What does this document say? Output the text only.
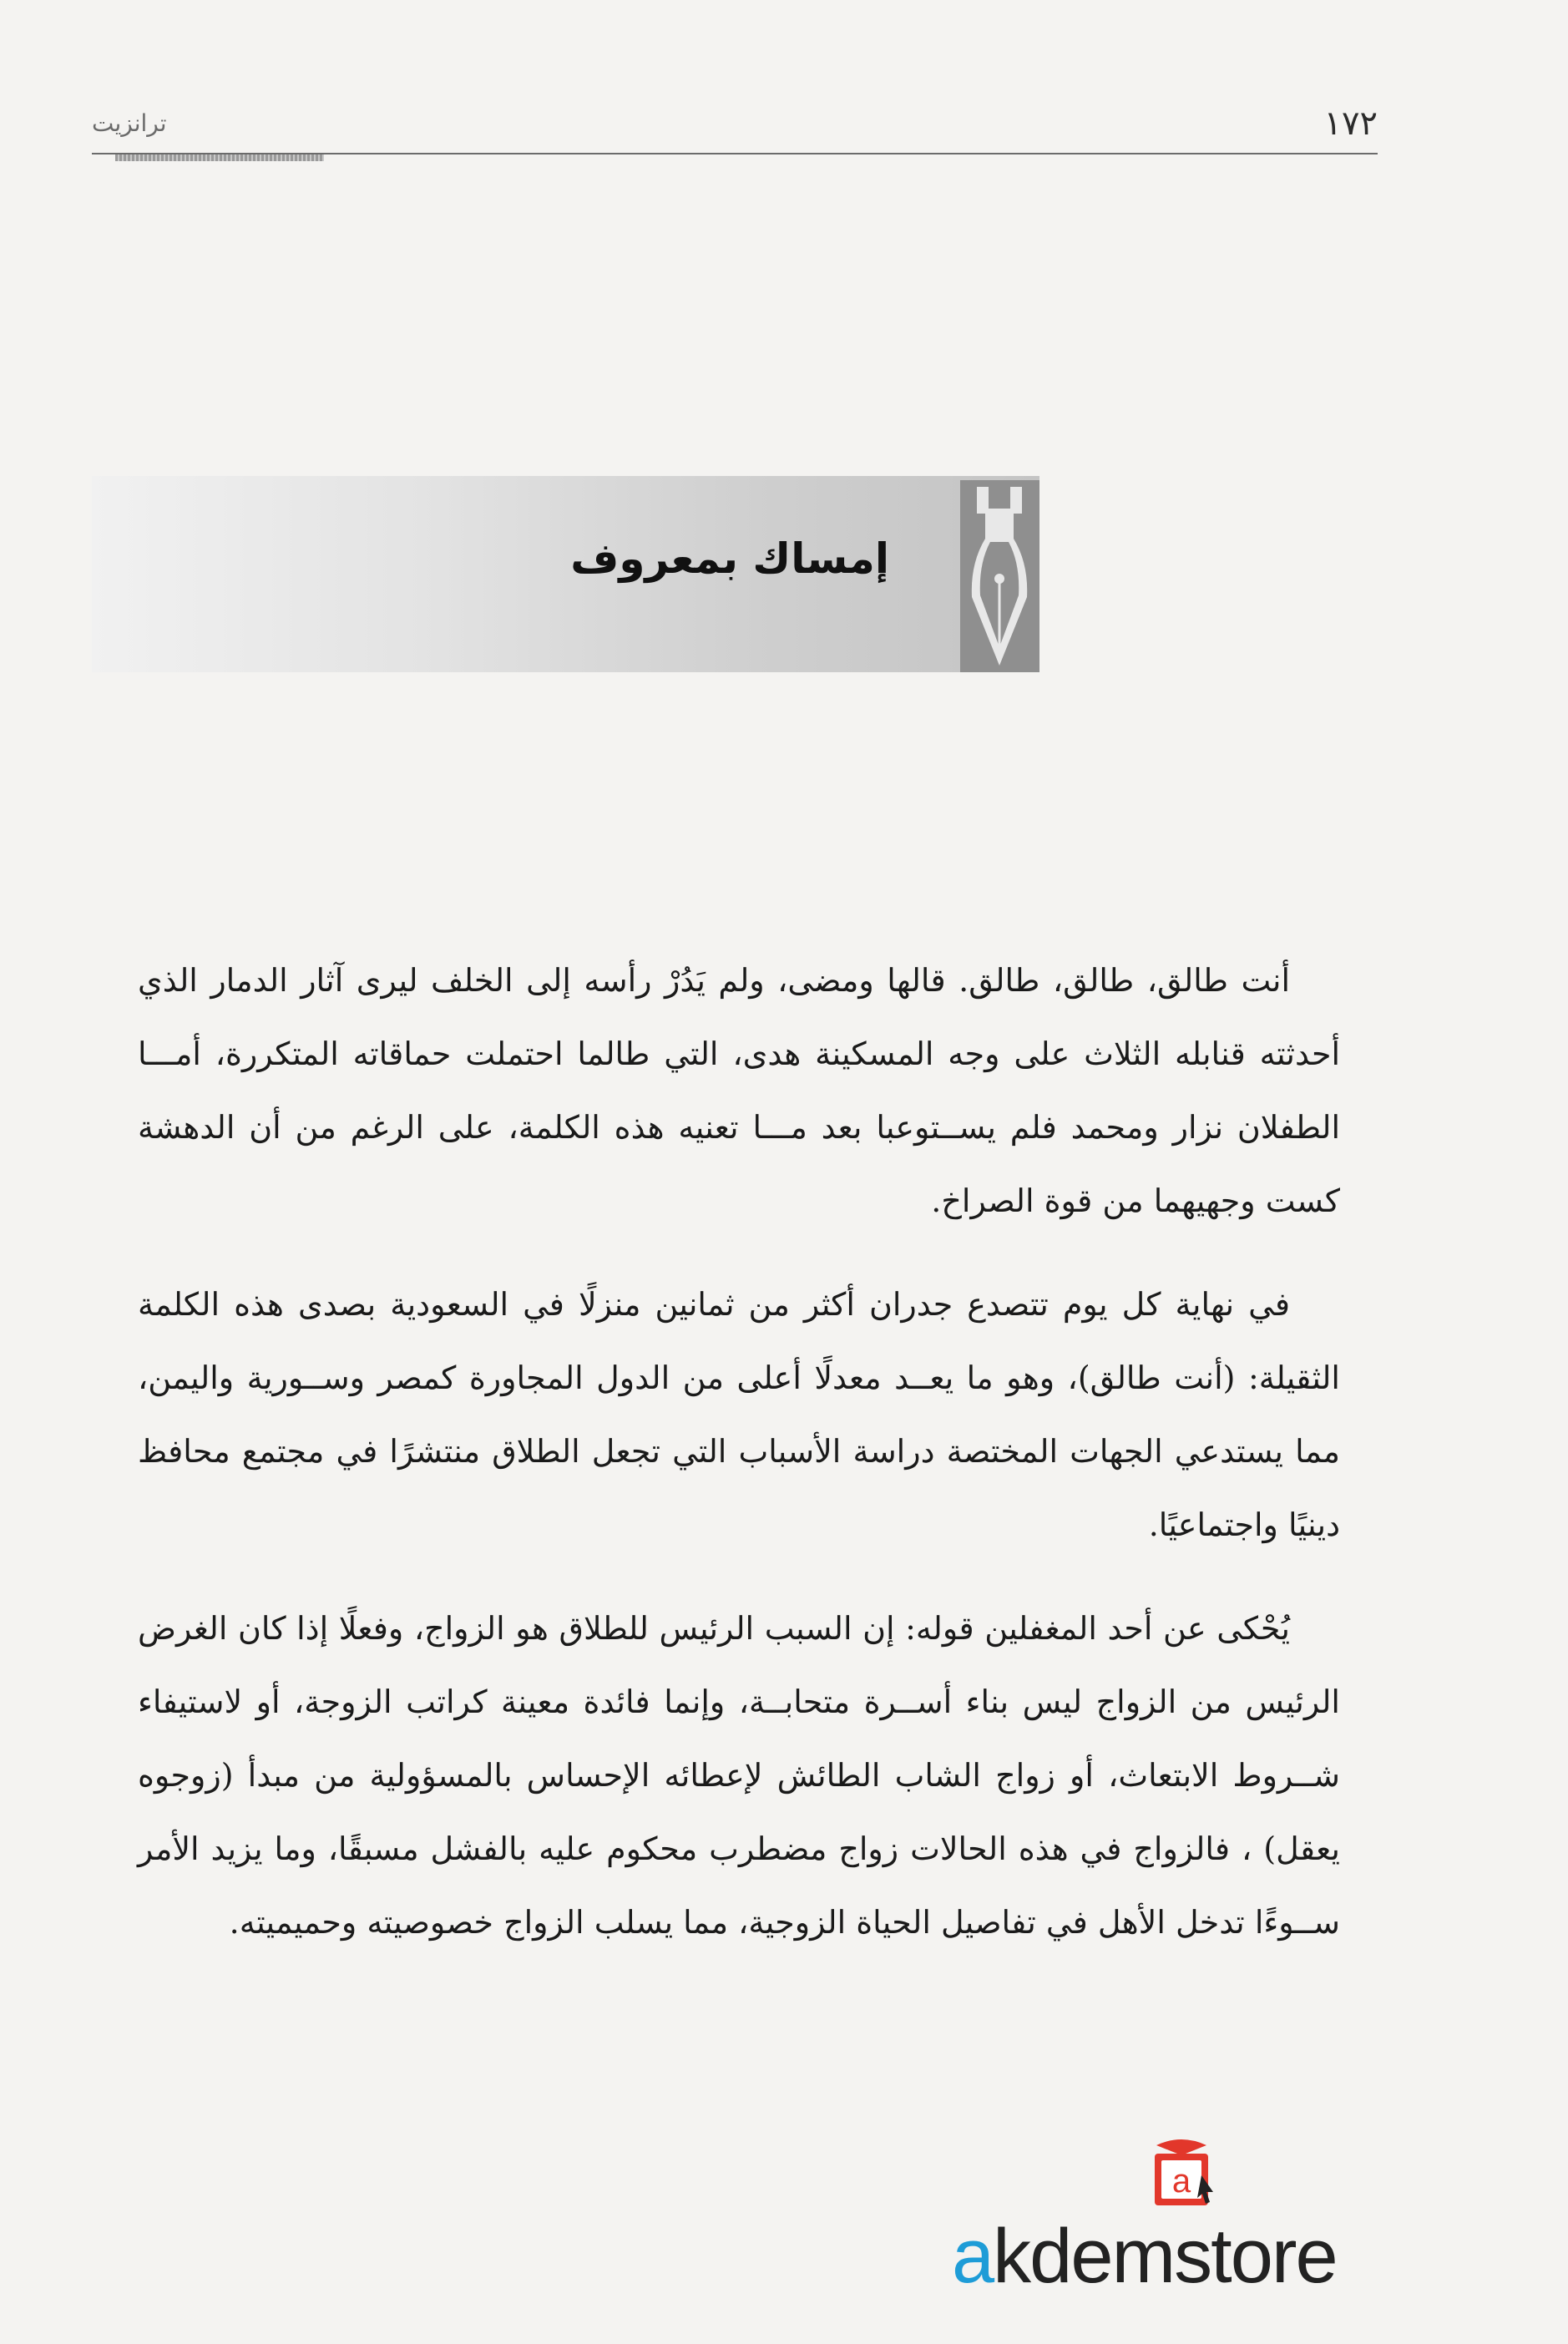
١٧٢
ترانزيت
إمساك بمعروف

أنت طالق، طالق، طالق. قالها ومضى، ولم يَدُرْ رأسه إلى الخلف ليرى آثار الدمار الذي أحدثته قنابله الثلاث على وجه المسكينة هدى، التي طالما احتملت حماقاته المتكررة، أمـــا الطفلان نزار ومحمد فلم يســتوعبا بعد مـــا تعنيه هذه الكلمة، على الرغم من أن الدهشة كست وجهيهما من قوة الصراخ.

في نهاية كل يوم تتصدع جدران أكثر من ثمانين منزلًا في السعودية بصدى هذه الكلمة الثقيلة: (أنت طالق)، وهو ما يعــد معدلًا أعلى من الدول المجاورة كمصر وســورية واليمن، مما يستدعي الجهات المختصة دراسة الأسباب التي تجعل الطلاق منتشرًا في مجتمع محافظ دينيًا واجتماعيًا.

يُحْكى عن أحد المغفلين قوله: إن السبب الرئيس للطلاق هو الزواج، وفعلًا إذا كان الغرض الرئيس من الزواج ليس بناء أســرة متحابــة، وإنما فائدة معينة كراتب الزوجة، أو لاستيفاء شــروط الابتعاث، أو زواج الشاب الطائش لإعطائه الإحساس بالمسؤولية من مبدأ (زوجوه يعقل) ، فالزواج في هذه الحالات زواج مضطرب محكوم عليه بالفشل مسبقًا، وما يزيد الأمر ســوءًا تدخل الأهل في تفاصيل الحياة الزوجية، مما يسلب الزواج خصوصيته وحميميته.

a
akdemstore
